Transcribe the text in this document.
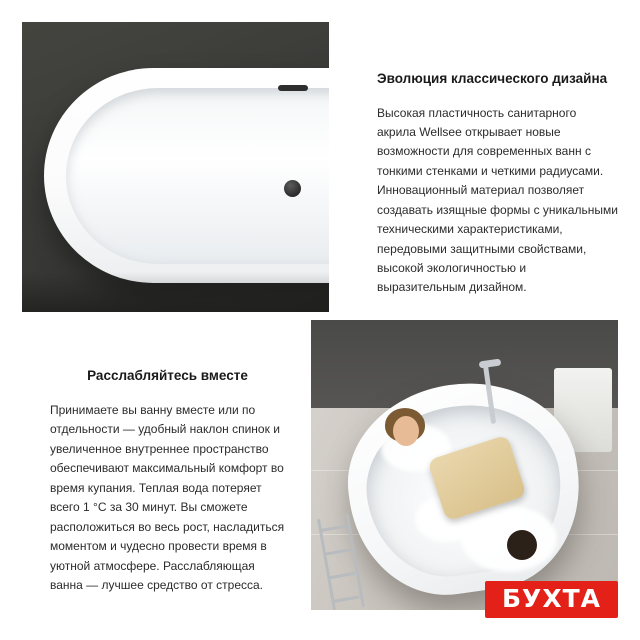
Эволюция классического дизайна

Высокая пластичность санитарного акрила Wellsee открывает новые возможности для современных ванн с тонкими стенками и четкими радиусами. Инновационный материал позволяет создавать изящные формы с уникальными техническими характеристиками, передовыми защитными свойствами, высокой экологичностью и выразительным дизайном.

Расслабляйтесь вместе

Принимаете вы ванну вместе или по отдельности — удобный наклон спинок и увеличенное внутреннее пространство обеспечивают максимальный комфорт во время купания. Теплая вода потеряет всего 1 °C за 30 минут. Вы сможете расположиться во весь рост, насладиться моментом и чудесно провести время в уютной атмосфере. Расслабляющая ванна — лучшее средство от стресса.	БУХТА
